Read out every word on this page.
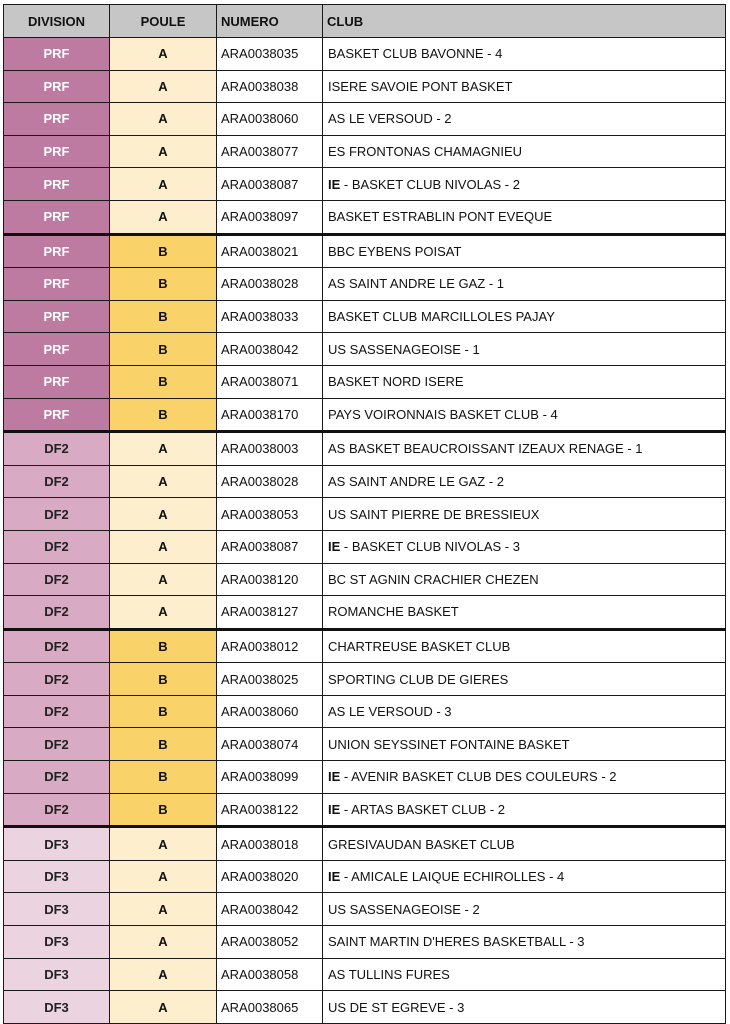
DIVISION	POULE	NUMERO	CLUB
PRF	A	ARA0038035	BASKET CLUB BAVONNE - 4
PRF	A	ARA0038038	ISERE SAVOIE PONT BASKET
PRF	A	ARA0038060	AS LE VERSOUD - 2
PRF	A	ARA0038077	ES FRONTONAS CHAMAGNIEU
PRF	A	ARA0038087	IE - BASKET CLUB NIVOLAS - 2
PRF	A	ARA0038097	BASKET ESTRABLIN PONT EVEQUE
PRF	B	ARA0038021	BBC EYBENS POISAT
PRF	B	ARA0038028	AS SAINT ANDRE LE GAZ - 1
PRF	B	ARA0038033	BASKET CLUB MARCILLOLES PAJAY
PRF	B	ARA0038042	US SASSENAGEOISE - 1
PRF	B	ARA0038071	BASKET NORD ISERE
PRF	B	ARA0038170	PAYS VOIRONNAIS BASKET CLUB - 4
DF2	A	ARA0038003	AS BASKET BEAUCROISSANT IZEAUX RENAGE - 1
DF2	A	ARA0038028	AS SAINT ANDRE LE GAZ - 2
DF2	A	ARA0038053	US SAINT PIERRE DE BRESSIEUX
DF2	A	ARA0038087	IE - BASKET CLUB NIVOLAS - 3
DF2	A	ARA0038120	BC ST AGNIN CRACHIER CHEZEN
DF2	A	ARA0038127	ROMANCHE BASKET
DF2	B	ARA0038012	CHARTREUSE BASKET CLUB
DF2	B	ARA0038025	SPORTING CLUB DE GIERES
DF2	B	ARA0038060	AS LE VERSOUD - 3
DF2	B	ARA0038074	UNION SEYSSINET FONTAINE BASKET
DF2	B	ARA0038099	IE - AVENIR BASKET CLUB DES COULEURS - 2
DF2	B	ARA0038122	IE - ARTAS BASKET CLUB - 2
DF3	A	ARA0038018	GRESIVAUDAN BASKET CLUB
DF3	A	ARA0038020	IE - AMICALE LAIQUE ECHIROLLES - 4
DF3	A	ARA0038042	US SASSENAGEOISE - 2
DF3	A	ARA0038052	SAINT MARTIN D'HERES BASKETBALL - 3
DF3	A	ARA0038058	AS TULLINS FURES
DF3	A	ARA0038065	US DE ST EGREVE - 3
